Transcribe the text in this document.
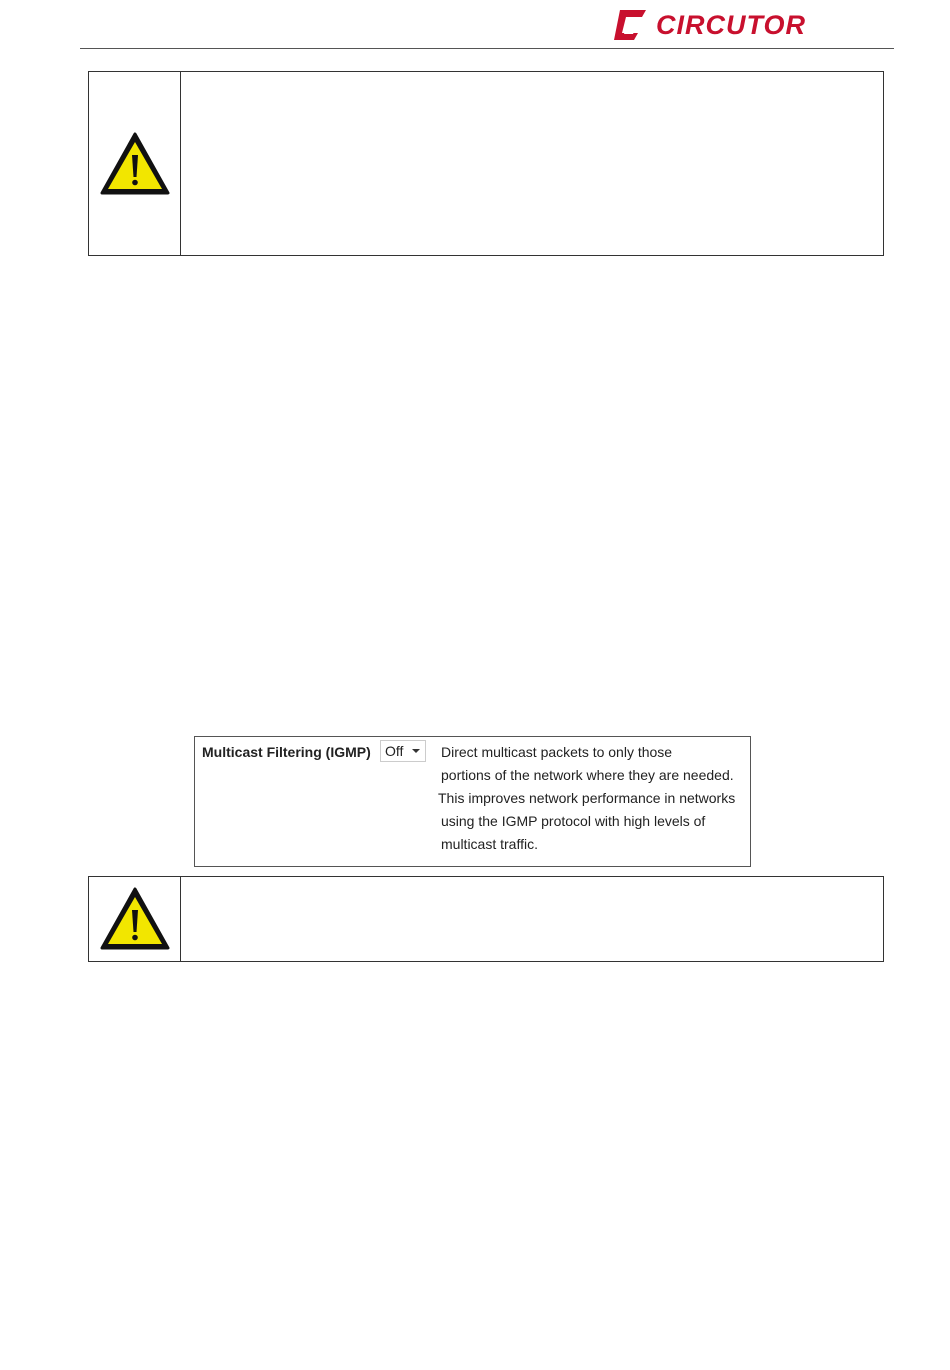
CIRCUTOR
Multicast Filtering (IGMP) Off	Direct multicast packets to only those
portions of the network where they are needed.
This improves network performance in networks
using the IGMP protocol with high levels of
multicast traffic.
